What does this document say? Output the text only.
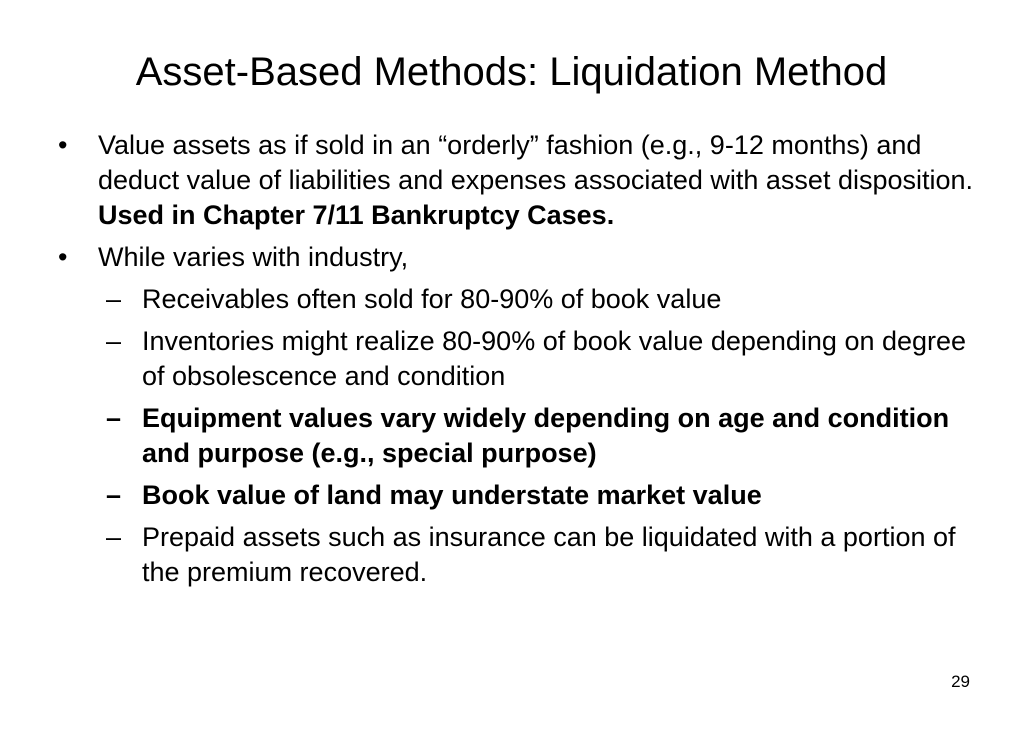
Asset-Based Methods: Liquidation Method
•	Value assets as if sold in an “orderly” fashion (e.g., 9-12 months) and deduct value of liabilities and expenses associated with asset disposition. Used in Chapter 7/11 Bankruptcy Cases.
•	While varies with industry,
– Receivables often sold for 80-90% of book value
– Inventories might realize 80-90% of book value depending on degree of obsolescence and condition
– Equipment values vary widely depending on age and condition and purpose (e.g., special purpose)
– Book value of land may understate market value
– Prepaid assets such as insurance can be liquidated with a portion of the premium recovered.
29
